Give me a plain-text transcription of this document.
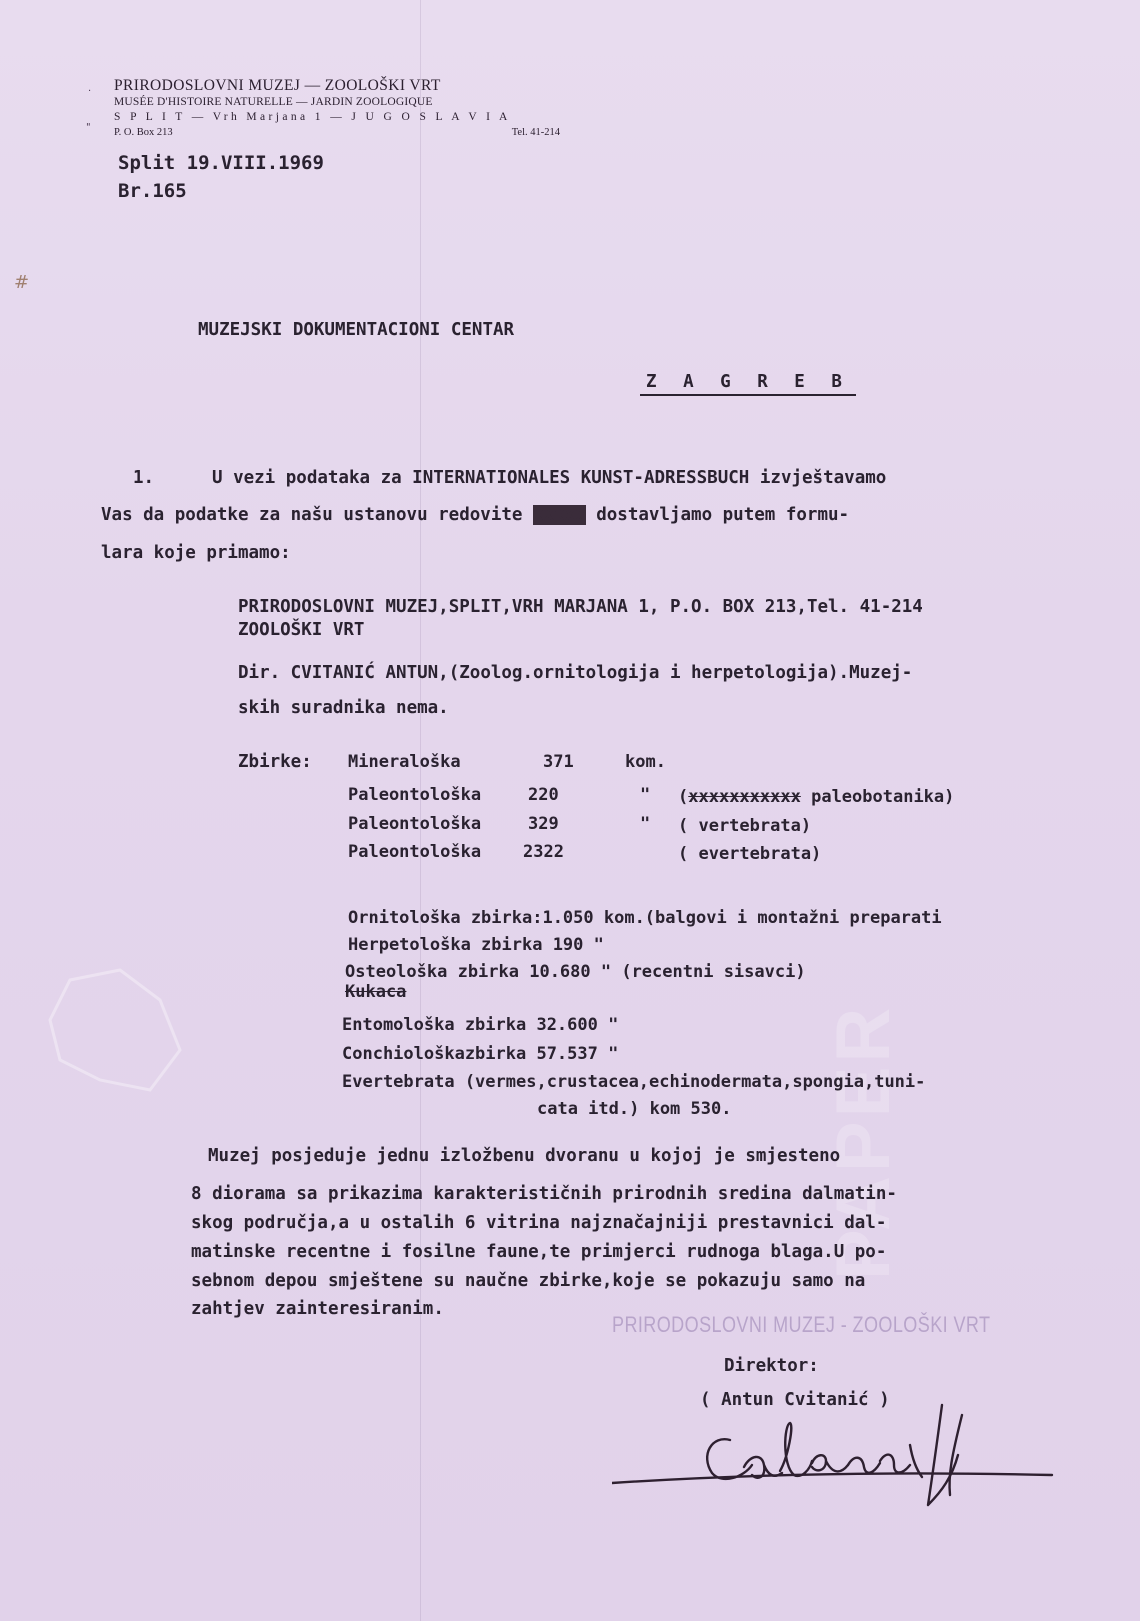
PAPER
·
"
#
PRIRODOSLOVNI MUZEJ — ZOOLOŠKI VRT
MUSÉE D'HISTOIRE NATURELLE — JARDIN ZOOLOGIQUE
S P L I T — Vrh Marjana 1 — J U G O S L A V I A
P. O. Box 213	Tel. 41-214
Split 19.VIII.1969
Br.165
MUZEJSKI DOKUMENTACIONI CENTAR
Z A G R E B
1.	U vezi podataka za INTERNATIONALES KUNST-ADRESSBUCH izvještavamo
Vas da podatke za našu ustanovu redovite xxxxx dostavljamo putem formu-
lara koje primamo:
PRIRODOSLOVNI MUZEJ,SPLIT,VRH MARJANA 1, P.O. BOX 213,Tel. 41-214
ZOOLOŠKI VRT
Dir. CVITANIĆ ANTUN,(Zoolog.ornitologija i herpetologija).Muzej-
skih suradnika nema.
Zbirke: Mineraloška	371	kom.
Paleontološka	220	" (xxxxxxxxxxx paleobotanika)
Paleontološka	329	" ( vertebrata)
Paleontološka 2322	( evertebrata)
Ornitološka zbirka:1.050 kom.(balgovi i montažni preparati
Herpetološka zbirka 190 "
Osteološka zbirka 10.680 " (recentni sisavci)
Kukaca
Entomološka zbirka 32.600 "
Conchiološkazbirka 57.537 "
Evertebrata (vermes,crustacea,echinodermata,spongia,tuni-
cata itd.) kom 530.
Muzej posjeduje jednu izložbenu dvoranu u kojoj je smjesteno
8 diorama sa prikazima karakterističnih prirodnih sredina dalmatin-
skog područja,a u ostalih 6 vitrina najznačajniji prestavnici dal-
matinske recentne i fosilne faune,te primjerci rudnoga blaga.U po-
sebnom depou smještene su naučne zbirke,koje se pokazuju samo na
zahtjev zainteresiranim.
PRIRODOSLOVNI MUZEJ - ZOOLOŠKI VRT
Direktor:
( Antun Cvitanić )
